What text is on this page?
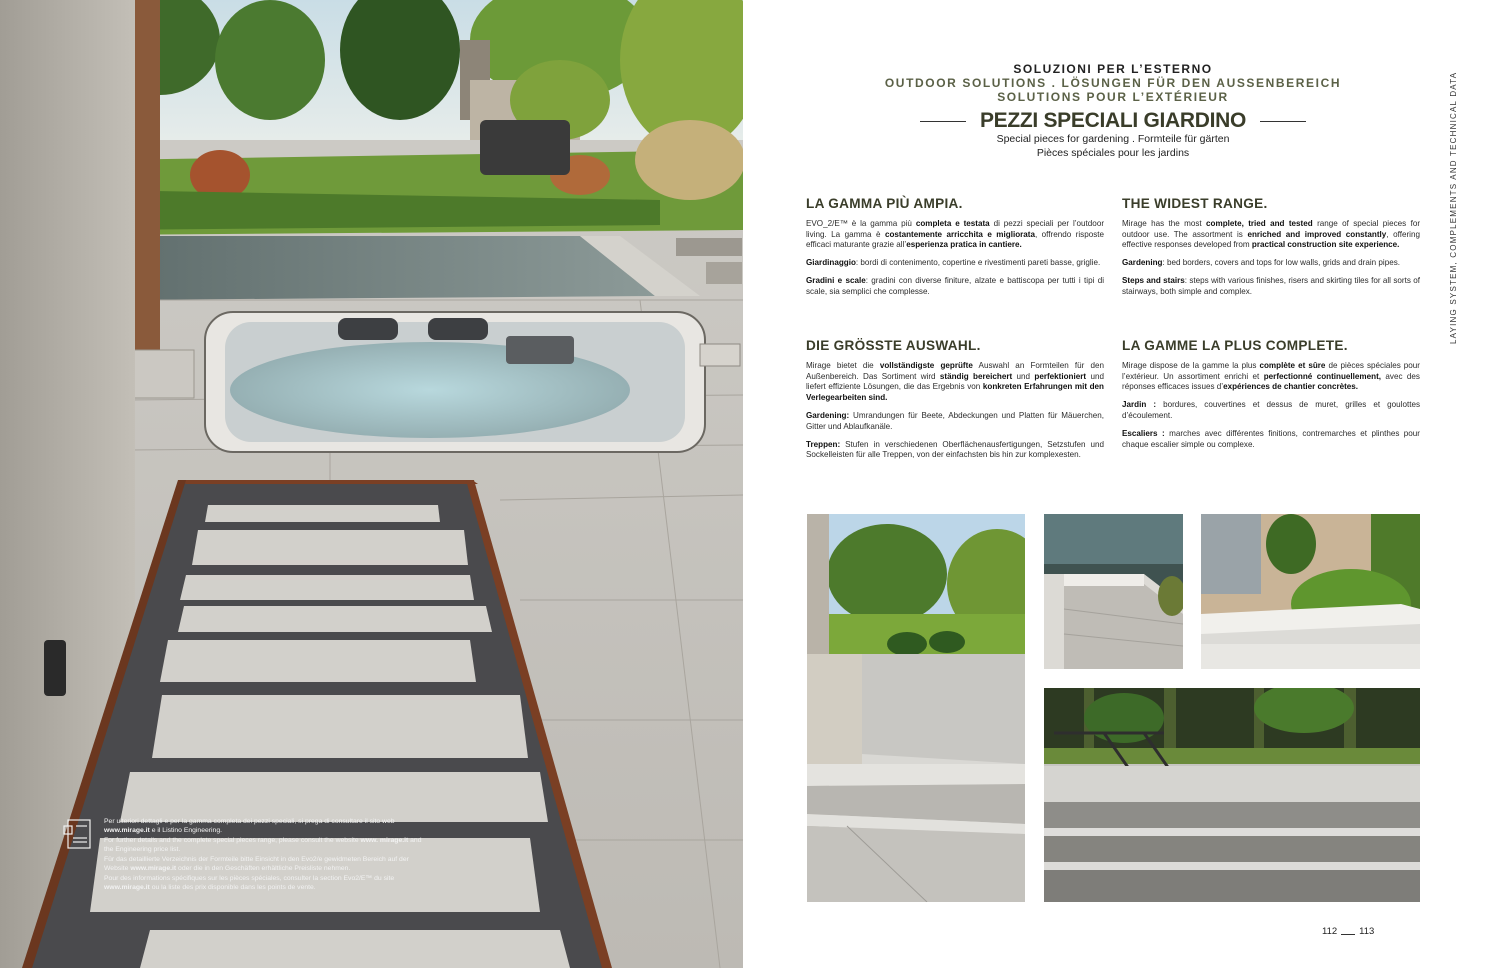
Per ulteriori dettagli e per la gamma completa dei pezzi speciali, si prega di consultare il sito web www.mirage.it e il Listino Engineering.

For further details and the complete special pieces range, please consult the website www. mirage.it and the Engineering price list.

Für das detaillierte Verzeichnis der Formteile bitte Einsicht in den Evo2/e gewidmeten Bereich auf der Website www.mirage.it oder die in den Geschäften erhältliche Preisliste nehmen.

Pour des informations spécifiques sur les pièces spéciales, consulter la section Evo2/E™ du site www.mirage.it ou la liste des prix disponible dans les points de vente.

SOLUZIONI PER L’ESTERNO
OUTDOOR SOLUTIONS . LÖSUNGEN FÜR DEN AUSSENBEREICH
SOLUTIONS POUR L’EXTÉRIEUR
PEZZI SPECIALI GIARDINO
Special pieces for gardening . Formteile für gärten
Pièces spéciales pour les jardins
LA GAMMA PIÙ AMPIA.

EVO_2/E™ è la gamma più completa e testata di pezzi speciali per l’outdoor living. La gamma è costantemente arricchita e migliorata, offrendo risposte efficaci maturante grazie all’esperienza pratica in cantiere.

Giardinaggio: bordi di contenimento, copertine e rivestimenti pareti basse, griglie.

Gradini e scale: gradini con diverse finiture, alzate e battiscopa per tutti i tipi di scale, sia semplici che complesse.

THE WIDEST RANGE.

Mirage has the most complete, tried and tested range of special pieces for outdoor use. The assortment is enriched and improved constantly, offering effective responses developed from practical construction site experience.

Gardening: bed borders, covers and tops for low walls, grids and drain pipes.

Steps and stairs: steps with various finishes, risers and skirting tiles for all sorts of stairways, both simple and complex.

DIE GRÖSSTE AUSWAHL.

Mirage bietet die vollständigste geprüfte Auswahl an Formteilen für den Außenbereich. Das Sortiment wird ständig bereichert und perfektioniert und liefert effiziente Lösungen, die das Ergebnis von konkreten Erfahrungen mit den Verlegearbeiten sind.

Gardening: Umrandungen für Beete, Abdeckungen und Platten für Mäuerchen, Gitter und Ablaufkanäle.

Treppen: Stufen in verschiedenen Oberflächenausfertigungen, Setzstufen und Sockelleisten für alle Treppen, von der einfachsten bis hin zur komplexesten.

LA GAMME LA PLUS COMPLETE.

Mirage dispose de la gamme la plus complète et sûre de pièces spéciales pour l’extérieur. Un assortiment enrichi et perfectionné continuellement, avec des réponses efficaces issues d’expériences de chantier concrètes.

Jardin : bordures, couvertines et dessus de muret, grilles et goulottes d’écoulement.

Escaliers : marches avec différentes finitions, contremarches et plinthes pour chaque escalier simple ou complexe.

LAYING SYSTEM, COMPLEMENTS AND TECHNICAL DATA
112 113
